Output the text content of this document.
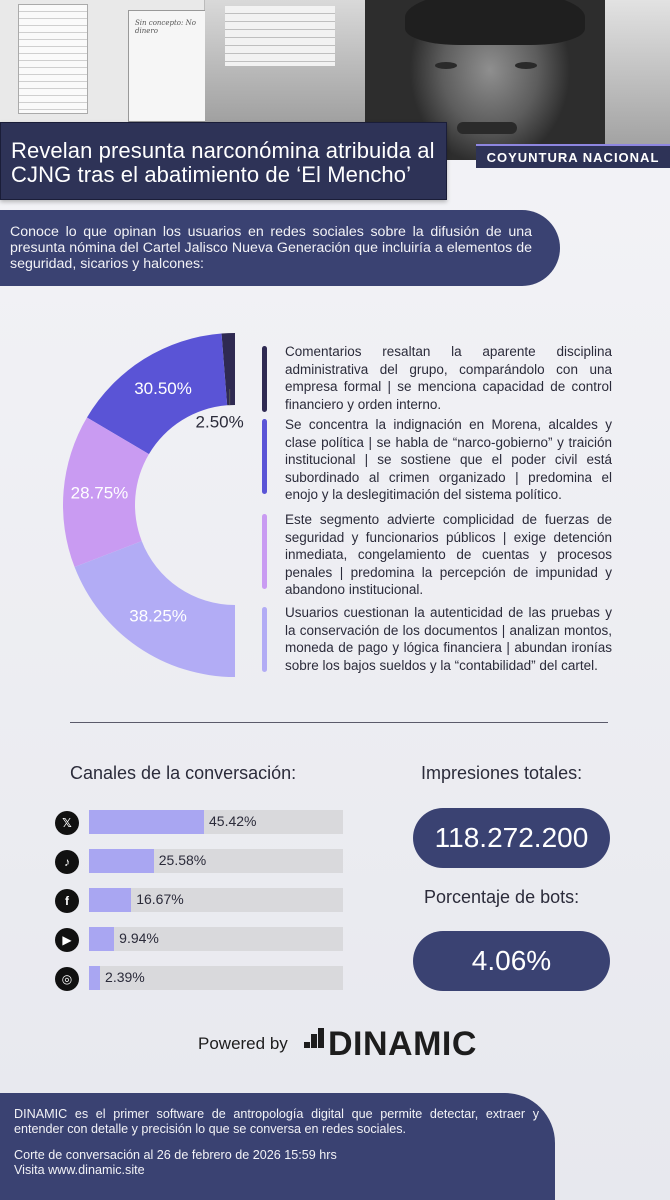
Sin concepto: No dinero
Revelan presunta narconómina atribuida al CJNG tras el abatimiento de ‘El Mencho’
COYUNTURA NACIONAL
Conoce lo que opinan los usuarios en redes sociales sobre la difusión de una presunta nómina del Cartel Jalisco Nueva Generación que incluiría a elementos de seguridad, sicarios y halcones:
2.50%
30.50%
28.75%
38.25%

Comentarios resaltan la aparente disciplina administrativa del grupo, comparándolo con una empresa formal | se menciona capacidad de control financiero y orden interno.

Se concentra la indignación en Morena, alcaldes y clase política | se habla de “narco-gobierno” y traición institucional | se sostiene que el poder civil está subordinado al crimen organizado | predomina el enojo y la deslegitimación del sistema político.

Este segmento advierte complicidad de fuerzas de seguridad y funcionarios públicos | exige detención inmediata, congelamiento de cuentas y procesos penales | predomina la percepción de impunidad y abandono institucional.

Usuarios cuestionan la autenticidad de las pruebas y la conservación de los documentos | analizan montos, moneda de pago y lógica financiera | abundan ironías sobre los bajos sueldos y la “contabilidad” del cartel.

Canales de la conversación:
𝕏	45.42%
♪	25.58%
f	16.67%
▶	9.94%
◎	2.39%
Impresiones totales:
118.272.200
Porcentaje de bots:
4.06%
Powered by DINAMIC
DINAMIC es el primer software de antropología digital que permite detectar, extraer y entender con detalle y precisión lo que se conversa en redes sociales.
Corte de conversación al 26 de febrero de 2026 15:59 hrs
Visita www.dinamic.site
